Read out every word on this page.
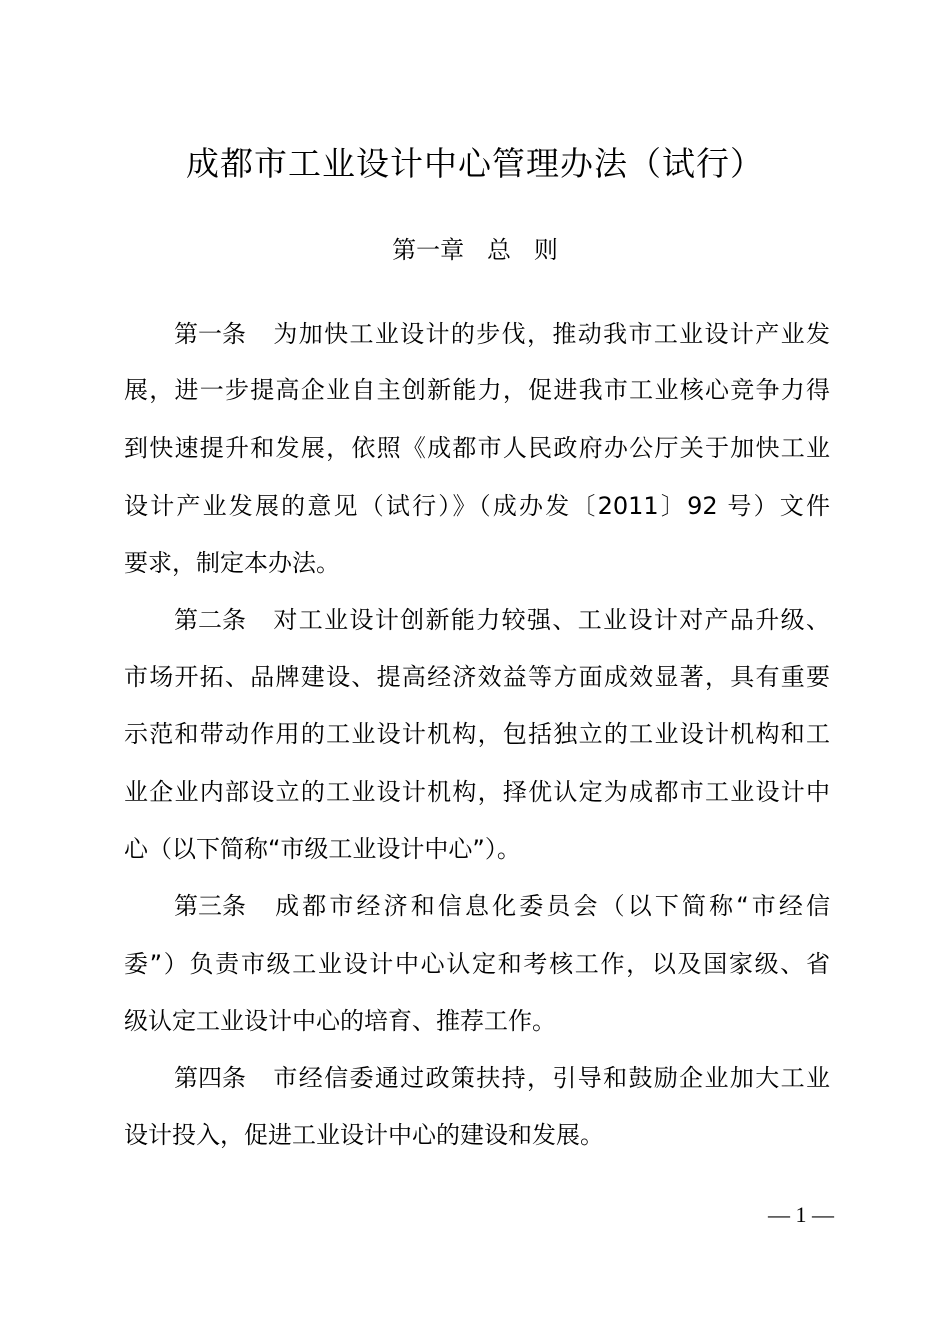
成都市工业设计中心管理办法（试行）
第一章   总   则
第一条 为加快工业设计的步伐，推动我市工业设计产业发
展，进一步提高企业自主创新能力，促进我市工业核心竞争力得
到快速提升和发展，依照《成都市人民政府办公厅关于加快工业
设计产业发展的意见（试行）》（成办发〔2011〕92 号）文件
要求，制定本办法。
第二条 对工业设计创新能力较强、工业设计对产品升级、
市场开拓、品牌建设、提高经济效益等方面成效显著，具有重要
示范和带动作用的工业设计机构，包括独立的工业设计机构和工
业企业内部设立的工业设计机构，择优认定为成都市工业设计中
心（以下简称“市级工业设计中心”）。
第三条 成都市经济和信息化委员会（以下简称“市经信
委”）负责市级工业设计中心认定和考核工作，以及国家级、省
级认定工业设计中心的培育、推荐工作。
第四条 市经信委通过政策扶持，引导和鼓励企业加大工业
设计投入，促进工业设计中心的建设和发展。
— 1 —
